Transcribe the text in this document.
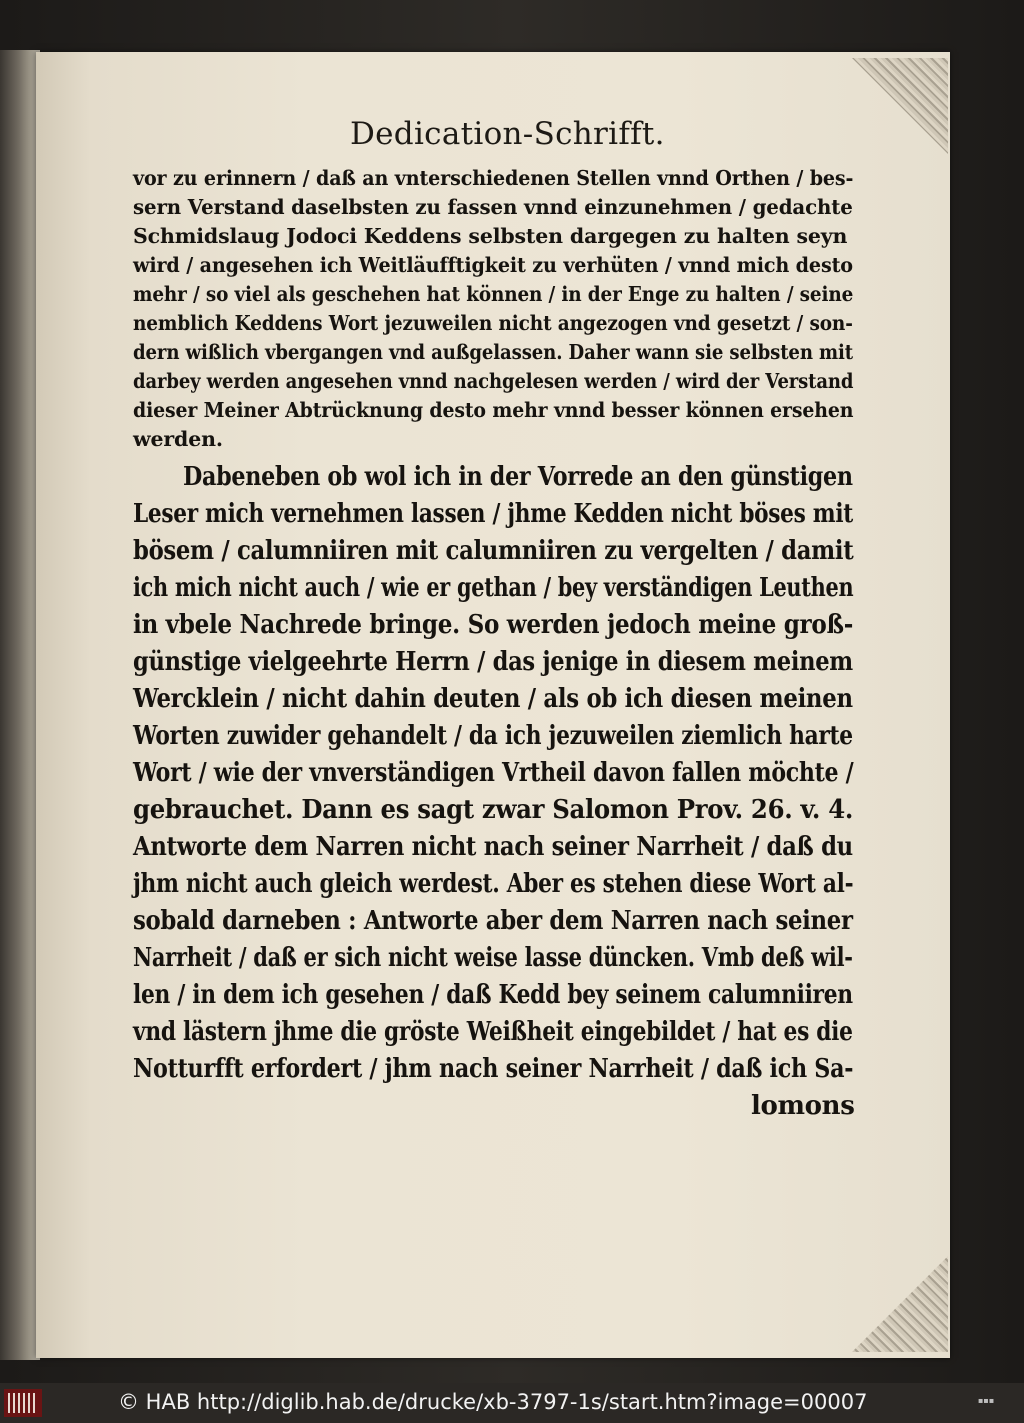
Dedication-Schrifft.
vor zu erinnern / daß an vnterschiedenen Stellen vnnd Orthen / bes-
sern Verstand daselbsten zu fassen vnnd einzunehmen / gedachte
Schmidslaug Jodoci Keddens selbsten dargegen zu halten seyn
wird / angesehen ich Weitläufftigkeit zu verhüten / vnnd mich desto
mehr / so viel als geschehen hat können / in der Enge zu halten / seine
nemblich Keddens Wort jezuweilen nicht angezogen vnd gesetzt / son-
dern wißlich vbergangen vnd außgelassen. Daher wann sie selbsten mit
darbey werden angesehen vnnd nachgelesen werden / wird der Verstand
dieser Meiner Abtrücknung desto mehr vnnd besser können ersehen
werden.
Dabeneben ob wol ich in der Vorrede an den günstigen
Leser mich vernehmen lassen / jhme Kedden nicht böses mit
bösem / calumniiren mit calumniiren zu vergelten / damit
ich mich nicht auch / wie er gethan / bey verständigen Leuthen
in vbele Nachrede bringe. So werden jedoch meine groß-
günstige vielgeehrte Herrn / das jenige in diesem meinem
Wercklein / nicht dahin deuten / als ob ich diesen meinen
Worten zuwider gehandelt / da ich jezuweilen ziemlich harte
Wort / wie der vnverständigen Vrtheil davon fallen möchte /
gebrauchet. Dann es sagt zwar Salomon Prov. 26. v. 4.
Antworte dem Narren nicht nach seiner Narrheit / daß du
jhm nicht auch gleich werdest. Aber es stehen diese Wort al-
sobald darneben : Antworte aber dem Narren nach seiner
Narrheit / daß er sich nicht weise lasse düncken. Vmb deß wil-
len / in dem ich gesehen / daß Kedd bey seinem calumniiren
vnd lästern jhme die gröste Weißheit eingebildet / hat es die
Notturfft erfordert / jhm nach seiner Narrheit / daß ich Sa-
lomons
© HAB http://diglib.hab.de/drucke/xb-3797-1s/start.htm?image=00007	▪▪▪
